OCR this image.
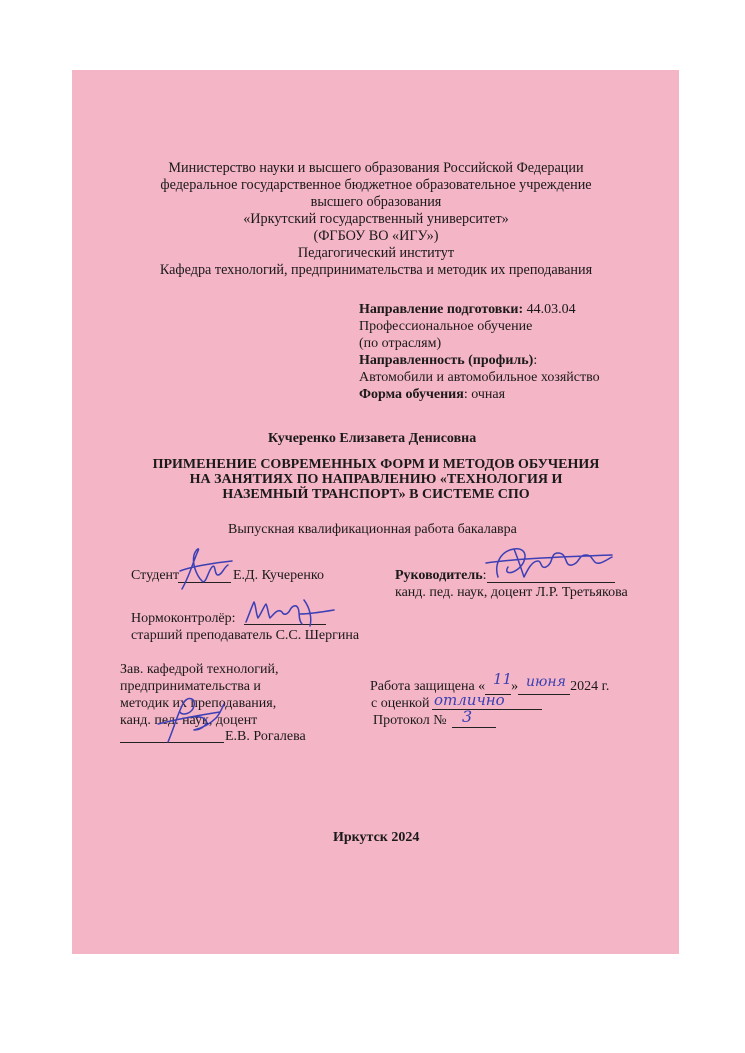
Министерство науки и высшего образования Российской Федерации
федеральное государственное бюджетное образовательное учреждение
высшего образования
«Иркутский государственный университет»
(ФГБОУ ВО «ИГУ»)
Педагогический институт
Кафедра технологий, предпринимательства и методик их преподавания
Направление подготовки: 44.03.04
Профессиональное обучение
(по отраслям)
Направленность (профиль):
Автомобили и автомобильное хозяйство
Форма обучения: очная
Кучеренко Елизавета Денисовна
ПРИМЕНЕНИЕ СОВРЕМЕННЫХ ФОРМ И МЕТОДОВ ОБУЧЕНИЯ
НА ЗАНЯТИЯХ ПО НАПРАВЛЕНИЮ «ТЕХНОЛОГИЯ И
НАЗЕМНЫЙ ТРАНСПОРТ» В СИСТЕМЕ СПО
Выпускная квалификационная работа бакалавра
Студент	Е.Д. Кучеренко	Руководитель:
канд. пед. наук, доцент Л.Р. Третьякова
Нормоконтролёр:
старший преподаватель С.С. Шергина
Зав. кафедрой технологий,
предпринимательства и
методик их преподавания,
канд. пед. наук, доцент
Е.В. Рогалева
Работа защищена « »	2024 г.
11 июня
с оценкой отлично
Протокол № 3
Иркутск 2024
